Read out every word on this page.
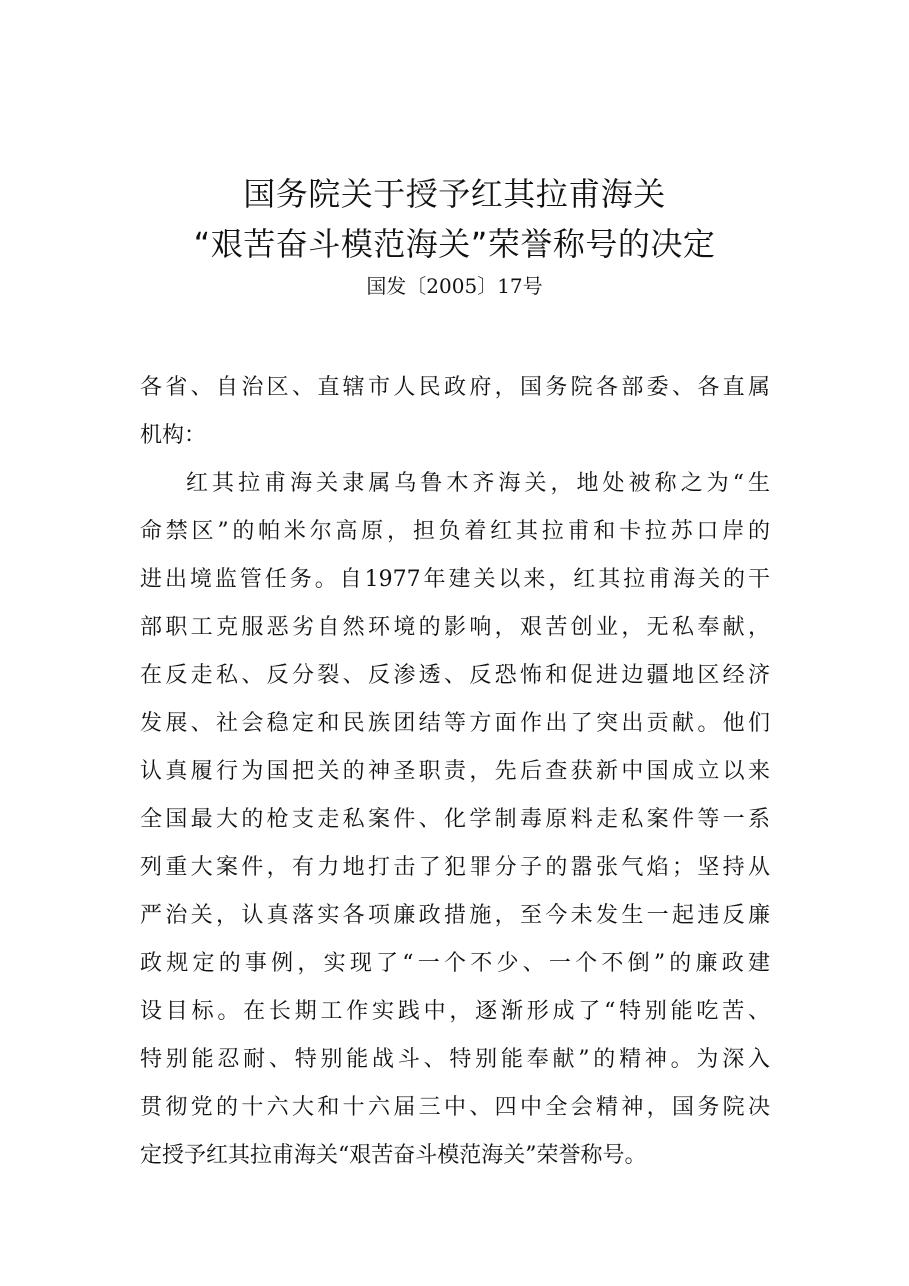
国务院关于授予红其拉甫海关
“艰苦奋斗模范海关”荣誉称号的决定
国发〔2005〕17号
各省、自治区、直辖市人民政府，国务院各部委、各直属
机构：
红其拉甫海关隶属乌鲁木齐海关，地处被称之为“生
命禁区”的帕米尔高原，担负着红其拉甫和卡拉苏口岸的
进出境监管任务。自1977年建关以来，红其拉甫海关的干
部职工克服恶劣自然环境的影响，艰苦创业，无私奉献，
在反走私、反分裂、反渗透、反恐怖和促进边疆地区经济
发展、社会稳定和民族团结等方面作出了突出贡献。他们
认真履行为国把关的神圣职责，先后查获新中国成立以来
全国最大的枪支走私案件、化学制毒原料走私案件等一系
列重大案件，有力地打击了犯罪分子的嚣张气焰；坚持从
严治关，认真落实各项廉政措施，至今未发生一起违反廉
政规定的事例，实现了“一个不少、一个不倒”的廉政建
设目标。在长期工作实践中，逐渐形成了“特别能吃苦、
特别能忍耐、特别能战斗、特别能奉献”的精神。为深入
贯彻党的十六大和十六届三中、四中全会精神，国务院决
定授予红其拉甫海关“艰苦奋斗模范海关”荣誉称号。
